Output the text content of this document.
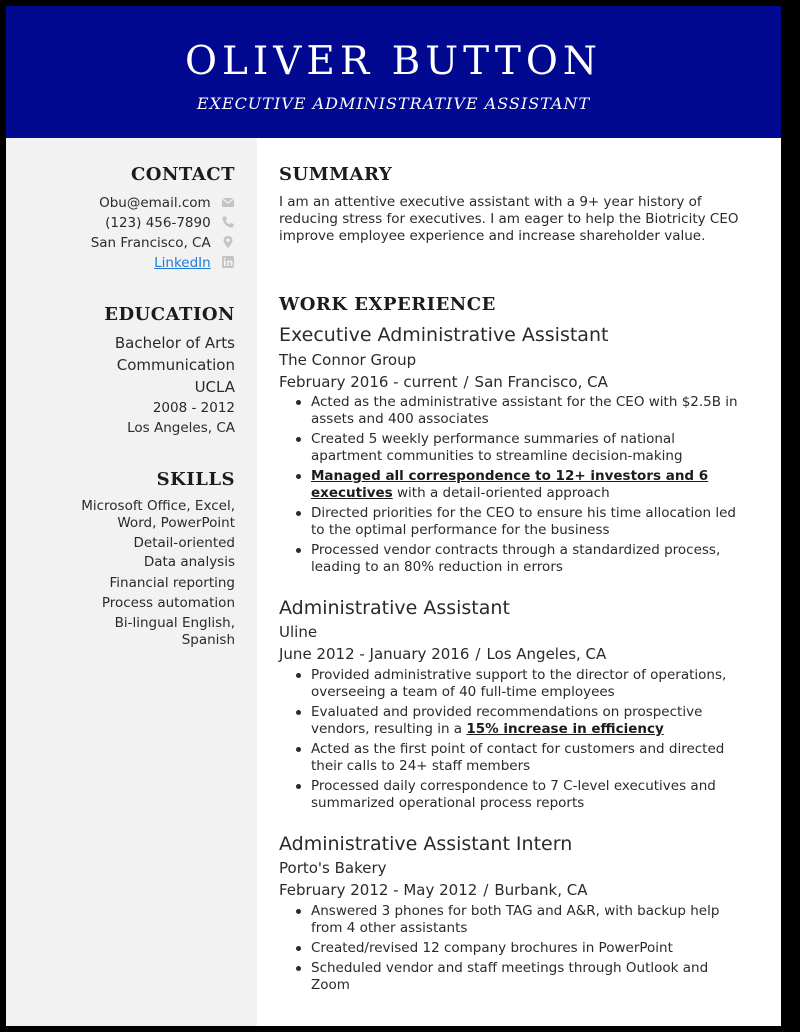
OLIVER BUTTON
EXECUTIVE ADMINISTRATIVE ASSISTANT
CONTACT
Obu@email.com
(123) 456-7890
San Francisco, CA
LinkedIn
EDUCATION
Bachelor of Arts
Communication
UCLA
2008 - 2012
Los Angeles, CA
SKILLS
Microsoft Office, Excel,
Word, PowerPoint
Detail-oriented
Data analysis
Financial reporting
Process automation
Bi-lingual English,
Spanish
SUMMARY
I am an attentive executive assistant with a 9+ year history of reducing stress for executives. I am eager to help the Biotricity CEO improve employee experience and increase shareholder value.
WORK EXPERIENCE
Executive Administrative Assistant
The Connor Group
February 2016 - current / San Francisco, CA
Acted as the administrative assistant for the CEO with $2.5B in assets and 400 associates
Created 5 weekly performance summaries of national apartment communities to streamline decision-making
Managed all correspondence to 12+ investors and 6 executives with a detail-oriented approach
Directed priorities for the CEO to ensure his time allocation led to the optimal performance for the business
Processed vendor contracts through a standardized process, leading to an 80% reduction in errors
Administrative Assistant
Uline
June 2012 - January 2016 / Los Angeles, CA
Provided administrative support to the director of operations, overseeing a team of 40 full-time employees
Evaluated and provided recommendations on prospective vendors, resulting in a 15% increase in efficiency
Acted as the first point of contact for customers and directed their calls to 24+ staff members
Processed daily correspondence to 7 C-level executives and summarized operational process reports
Administrative Assistant Intern
Porto's Bakery
February 2012 - May 2012 / Burbank, CA
Answered 3 phones for both TAG and A&R, with backup help from 4 other assistants
Created/revised 12 company brochures in PowerPoint
Scheduled vendor and staff meetings through Outlook and Zoom
